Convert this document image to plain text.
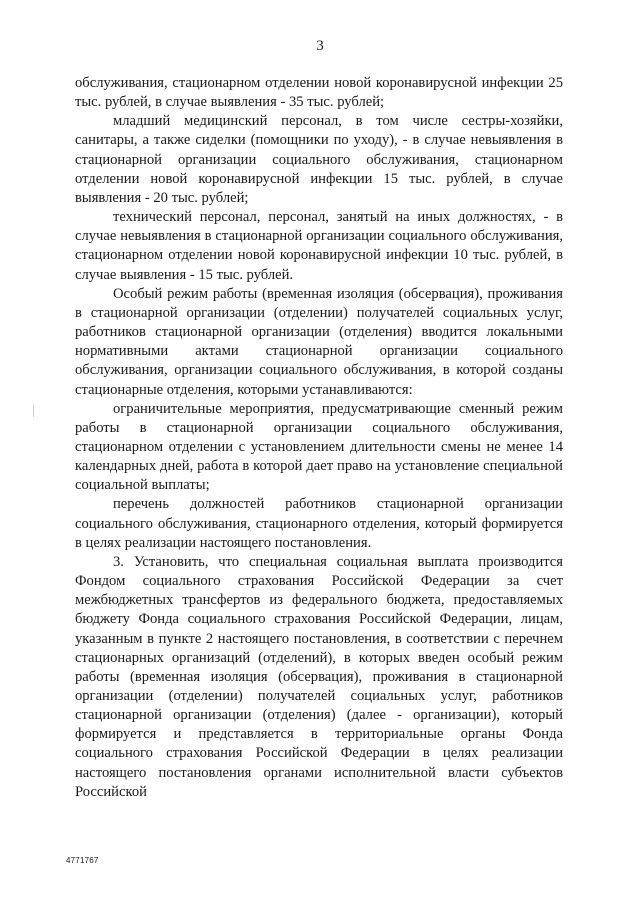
3

обслуживания, стационарном отделении новой коронавирусной инфекции 25 тыс. рублей, в случае выявления - 35 тыс. рублей;

младший медицинский персонал, в том числе сестры-хозяйки, санитары, а также сиделки (помощники по уходу), - в случае невыявления в стационарной организации социального обслуживания, стационарном отделении новой коронавирусной инфекции 15 тыс. рублей, в случае выявления - 20 тыс. рублей;

технический персонал, персонал, занятый на иных должностях, - в случае невыявления в стационарной организации социального обслуживания, стационарном отделении новой коронавирусной инфекции 10 тыс. рублей, в случае выявления - 15 тыс. рублей.

Особый режим работы (временная изоляция (обсервация), проживания в стационарной организации (отделении) получателей социальных услуг, работников стационарной организации (отделения) вводится локальными нормативными актами стационарной организации социального обслуживания, организации социального обслуживания, в которой созданы стационарные отделения, которыми устанавливаются:

ограничительные мероприятия, предусматривающие сменный режим работы в стационарной организации социального обслуживания, стационарном отделении с установлением длительности смены не менее 14 календарных дней, работа в которой дает право на установление специальной социальной выплаты;

перечень должностей работников стационарной организации социального обслуживания, стационарного отделения, который формируется в целях реализации настоящего постановления.

3. Установить, что специальная социальная выплата производится Фондом социального страхования Российской Федерации за счет межбюджетных трансфертов из федерального бюджета, предоставляемых бюджету Фонда социального страхования Российской Федерации, лицам, указанным в пункте 2 настоящего постановления, в соответствии с перечнем стационарных организаций (отделений), в которых введен особый режим работы (временная изоляция (обсервация), проживания в стационарной организации (отделении) получателей социальных услуг, работников стационарной организации (отделения) (далее - организации), который формируется и представляется в территориальные органы Фонда социального страхования Российской Федерации в целях реализации настоящего постановления органами исполнительной власти субъектов Российской

4771767
